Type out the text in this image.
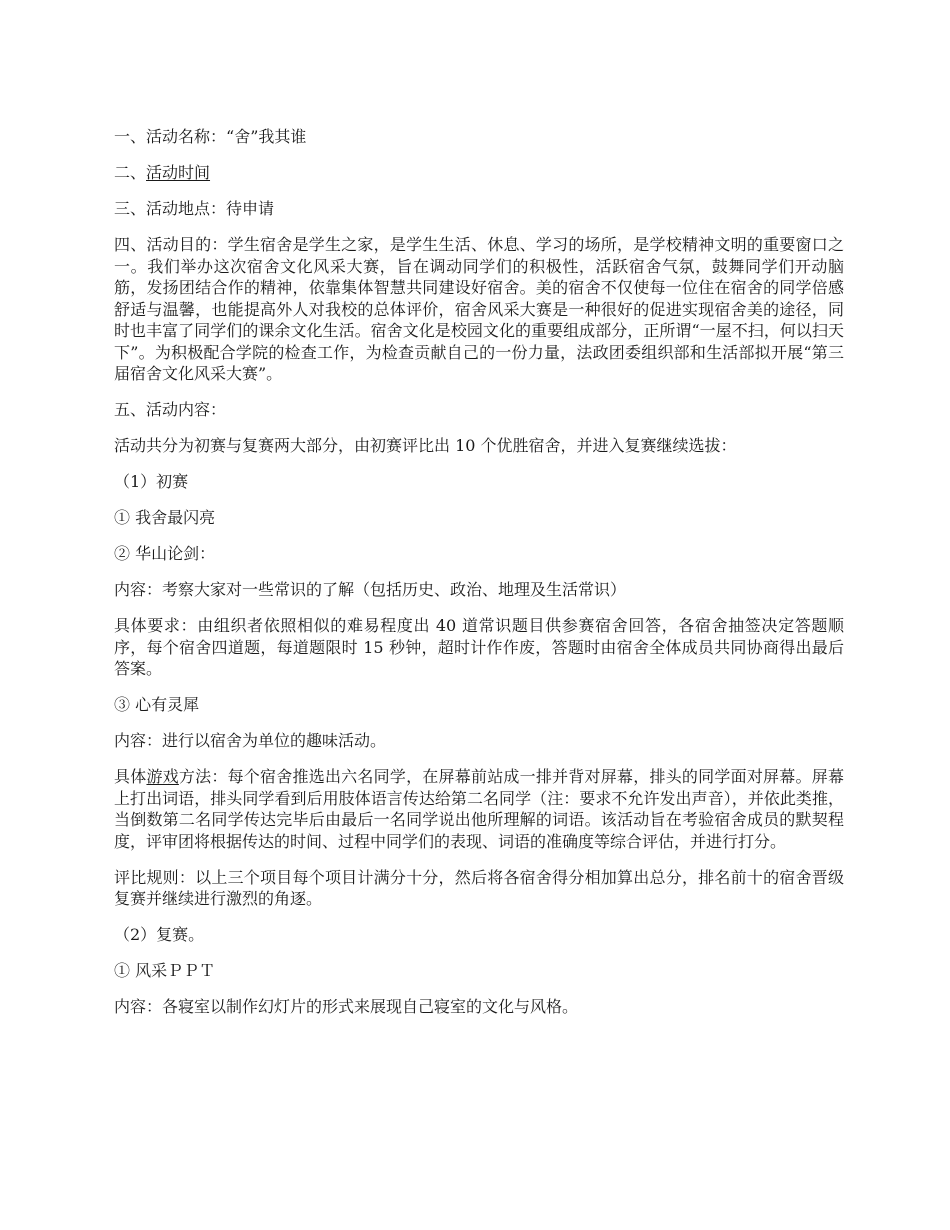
一、活动名称：“舍”我其谁

二、活动时间

三、活动地点：待申请

四、活动目的：学生宿舍是学生之家，是学生生活、休息、学习的场所，是学校精神文明的重要窗口之一。我们举办这次宿舍文化风采大赛，旨在调动同学们的积极性，活跃宿舍气氛，鼓舞同学们开动脑筋，发扬团结合作的精神，依靠集体智慧共同建设好宿舍。美的宿舍不仅使每一位住在宿舍的同学倍感舒适与温馨，也能提高外人对我校的总体评价，宿舍风采大赛是一种很好的促进实现宿舍美的途径，同时也丰富了同学们的课余文化生活。宿舍文化是校园文化的重要组成部分，正所谓“一屋不扫，何以扫天下”。为积极配合学院的检查工作，为检查贡献自己的一份力量，法政团委组织部和生活部拟开展“第三届宿舍文化风采大赛”。

五、活动内容：

活动共分为初赛与复赛两大部分，由初赛评比出 10 个优胜宿舍，并进入复赛继续选拔：

（1）初赛

① 我舍最闪亮

② 华山论剑：

内容：考察大家对一些常识的了解（包括历史、政治、地理及生活常识）

具体要求：由组织者依照相似的难易程度出 40 道常识题目供参赛宿舍回答，各宿舍抽签决定答题顺序，每个宿舍四道题，每道题限时 15 秒钟，超时计作作废，答题时由宿舍全体成员共同协商得出最后答案。

③ 心有灵犀

内容：进行以宿舍为单位的趣味活动。

具体游戏方法：每个宿舍推选出六名同学，在屏幕前站成一排并背对屏幕，排头的同学面对屏幕。屏幕上打出词语，排头同学看到后用肢体语言传达给第二名同学（注：要求不允许发出声音），并依此类推，当倒数第二名同学传达完毕后由最后一名同学说出他所理解的词语。该活动旨在考验宿舍成员的默契程度，评审团将根据传达的时间、过程中同学们的表现、词语的准确度等综合评估，并进行打分。

评比规则：以上三个项目每个项目计满分十分，然后将各宿舍得分相加算出总分，排名前十的宿舍晋级复赛并继续进行激烈的角逐。

（2）复赛。

① 风采ＰＰＴ

内容：各寝室以制作幻灯片的形式来展现自己寝室的文化与风格。
